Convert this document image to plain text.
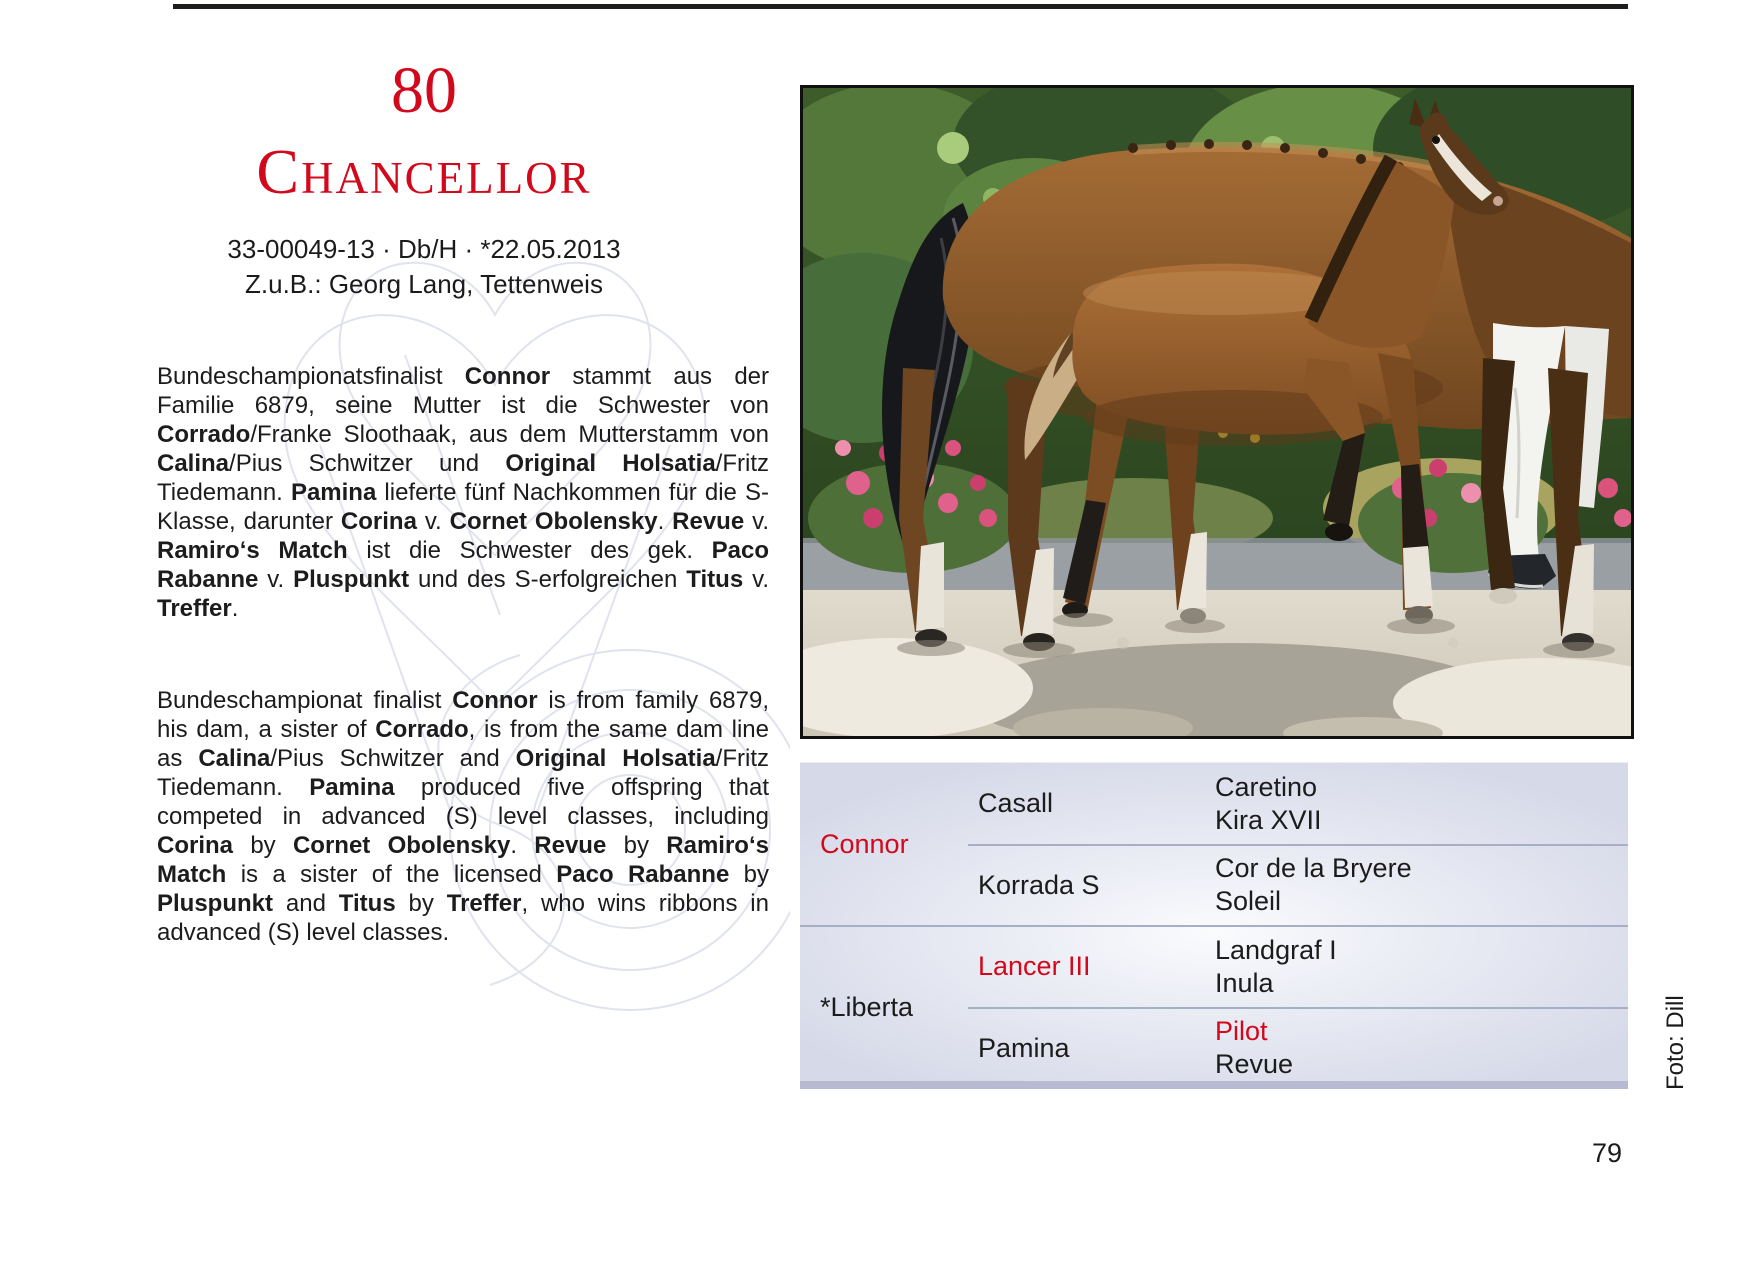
80
Chancellor
33-00049-13 · Db/H · *22.05.2013
Z.u.B.: Georg Lang, Tettenweis

Bundeschampionatsfinalist Connor stammt aus der Familie 6879, seine Mutter ist die Schwester von Corrado/Franke Sloothaak, aus dem Mutterstamm von Calina/Pius Schwitzer und Original Holsatia/Fritz Tiedemann. Pamina lieferte fünf Nachkommen für die S-Klasse, darunter Corina v. Cornet Obolensky. Revue v. Ramiro‘s Match ist die Schwester des gek. Paco Rabanne v. Pluspunkt und des S-erfolgreichen Titus v. Treffer.

Bundeschampionat finalist Connor is from family 6879, his dam, a sister of Corrado, is from the same dam line as Calina/Pius Schwitzer and Original Holsatia/Fritz Tiedemann. Pamina produced five offspring that competed in advanced (S) level classes, including Corina by Cornet Obolensky. Revue by Ramiro‘s Match is a sister of the licensed Paco Rabanne by Pluspunkt and Titus by Treffer, who wins ribbons in advanced (S) level classes.

Connor
*Liberta
Casall
Korrada S
Lancer III
Pamina
Caretino
Kira XVII
Cor de la Bryere
Soleil
Landgraf I
Inula
Pilot
Revue	Foto: Dill
79
